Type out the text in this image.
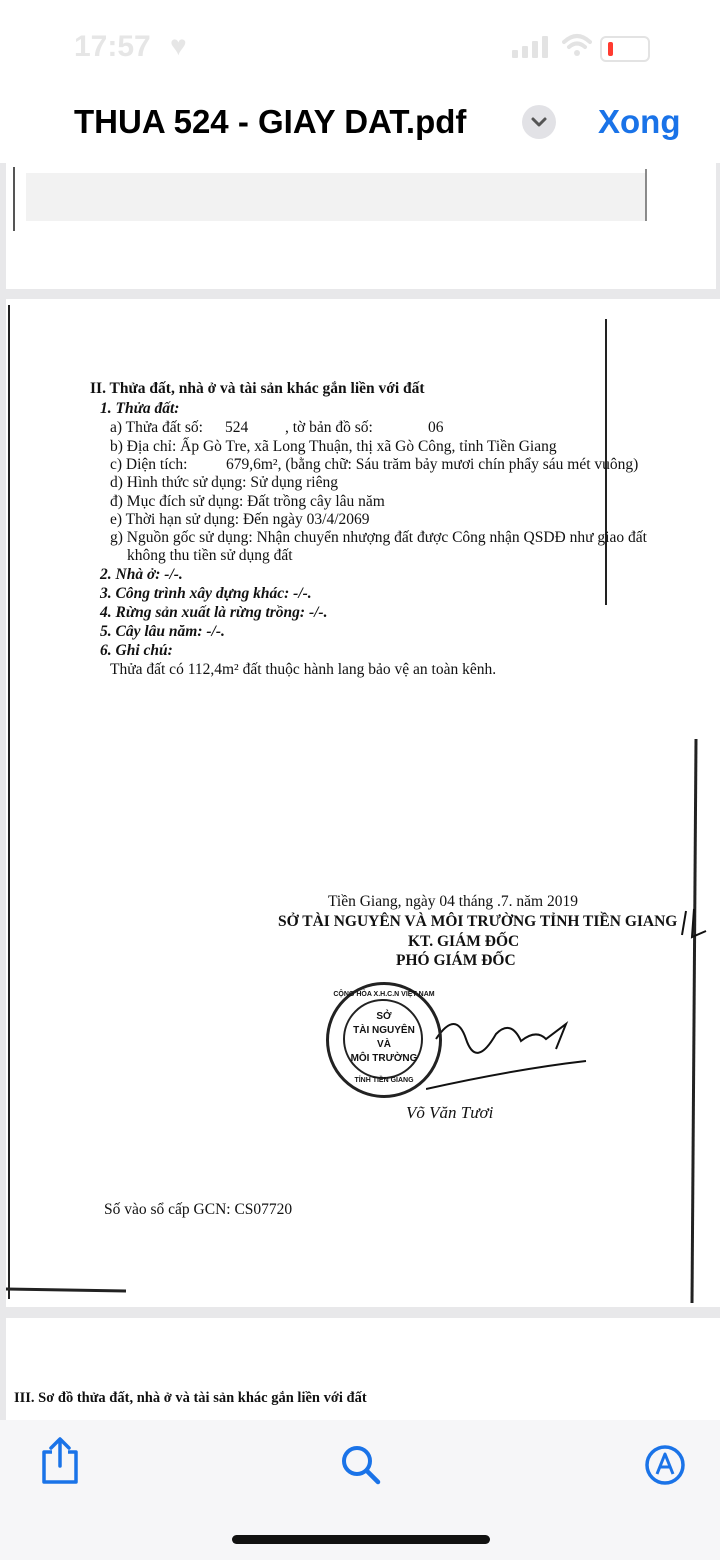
17:57 ♥
THUA 524 - GIAY DAT.pdf	Xong
II. Thửa đất, nhà ở và tài sản khác gắn liền với đất
1. Thửa đất:
a) Thửa đất số: 524 , tờ bản đồ số:	06
b) Địa chỉ: Ấp Gò Tre, xã Long Thuận, thị xã Gò Công, tỉnh Tiền Giang
c) Diện tích: 679,6m², (bằng chữ: Sáu trăm bảy mươi chín phẩy sáu mét vuông)
d) Hình thức sử dụng: Sử dụng riêng
đ) Mục đích sử dụng: Đất trồng cây lâu năm
e) Thời hạn sử dụng: Đến ngày 03/4/2069
g) Nguồn gốc sử dụng: Nhận chuyển nhượng đất được Công nhận QSDĐ như giao đất
không thu tiền sử dụng đất
2. Nhà ở: -/-.
3. Công trình xây dựng khác: -/-.
4. Rừng sản xuất là rừng trồng: -/-.
5. Cây lâu năm: -/-.
6. Ghi chú:
Thửa đất có 112,4m² đất thuộc hành lang bảo vệ an toàn kênh.
Tiền Giang, ngày 04 tháng .7. năm 2019
SỞ TÀI NGUYÊN VÀ MÔI TRƯỜNG TỈNH TIỀN GIANG
KT. GIÁM ĐỐC
PHÓ GIÁM ĐỐC
Võ Văn Tươi
Số vào sổ cấp GCN: CS07720
CỘNG HÒA X.H.C.N VIỆT NAM
SỞ
TÀI NGUYÊN
VÀ
MÔI TRƯỜNG
TỈNH TIỀN GIANG
III. Sơ đồ thửa đất, nhà ở và tài sản khác gắn liền với đất
